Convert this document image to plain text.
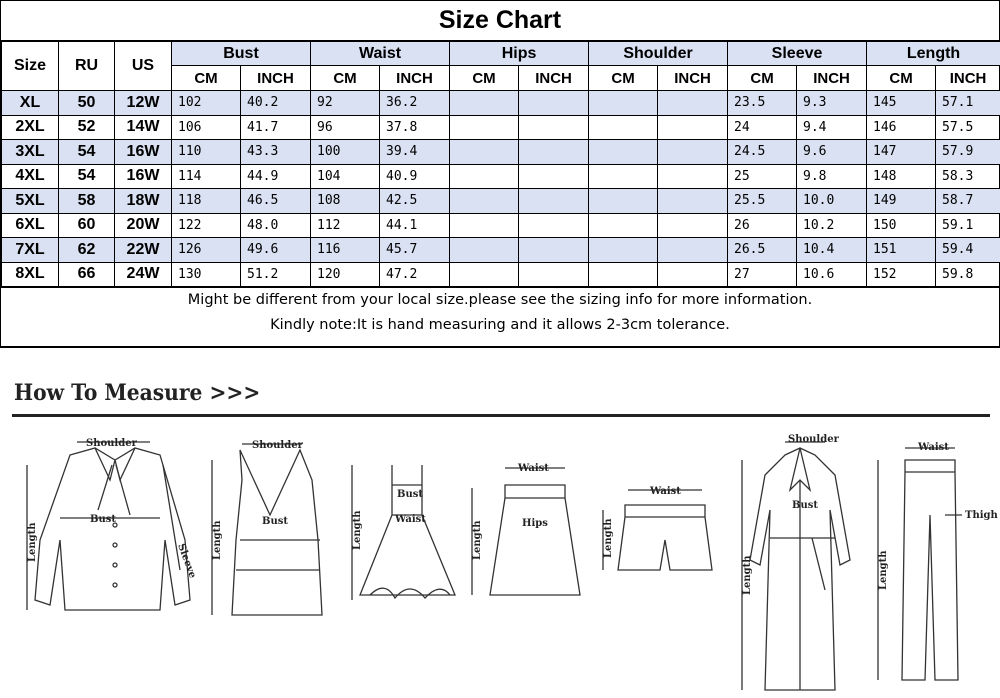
Size Chart
Size	RU	US	Bust		Waist		Hips		Shoulder		Sleeve		Length	
			CM	INCH	CM	INCH	CM	INCH	CM	INCH	CM	INCH	CM	INCH
XL	50	12W	102	40.2	92	36.2					23.5	9.3	145	57.1
2XL	52	14W	106	41.7	96	37.8					24	9.4	146	57.5
3XL	54	16W	110	43.3	100	39.4					24.5	9.6	147	57.9
4XL	54	16W	114	44.9	104	40.9					25	9.8	148	58.3
5XL	58	18W	118	46.5	108	42.5					25.5	10.0	149	58.7
6XL	60	20W	122	48.0	112	44.1					26	10.2	150	59.1
7XL	62	22W	126	49.6	116	45.7					26.5	10.4	151	59.4
8XL	66	24W	130	51.2	120	47.2					27	10.6	152	59.8

Might be different from your local size.please see the sizing info for more information.

Kindly note:It is hand measuring and it allows 2-3cm tolerance.

How To Measure >>>
Shoulder
Bust
Sleeve
Length
Shoulder
Bust
Length
Bust
Waist
Length
Waist
Hips
Length
Waist
Length
Shoulder
Bust
Length
Waist
Thigh
Length
